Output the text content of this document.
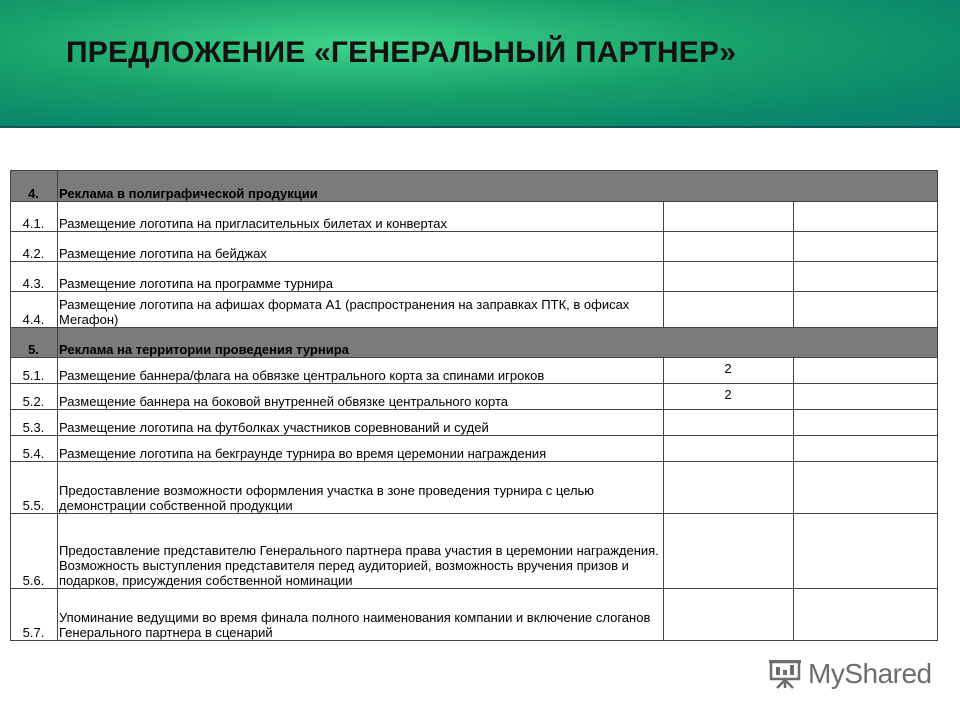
ПРЕДЛОЖЕНИЕ «ГЕНЕРАЛЬНЫЙ ПАРТНЕР»
4.	Реклама в полиграфической продукции		
4.1.	Размещение логотипа на пригласительных билетах и конвертах		
4.2.	Размещение логотипа на бейджах		
4.3.	Размещение логотипа на программе турнира		
4.4.	Размещение логотипа на афишах формата А1 (распространения на заправках ПТК, в офисах Мегафон)		
5.	Реклама на территории проведения турнира		
5.1.	Размещение баннера/флага на обвязке центрального корта за спинами игроков	2	
5.2.	Размещение баннера на боковой внутренней обвязке центрального корта	2	
5.3.	Размещение логотипа на футболках участников соревнований и судей		
5.4.	Размещение логотипа на бекграунде турнира во время церемонии награждения		
5.5.	Предоставление возможности оформления участка в зоне проведения турнира с целью демонстрации собственной продукции		
5.6.	Предоставление представителю Генерального партнера права участия в церемонии награждения. Возможность выступления представителя перед аудиторией, возможность вручения призов и подарков, присуждения собственной номинации		
5.7.	Упоминание ведущими во время финала полного наименования компании и включение слоганов Генерального партнера в сценарий		
MyShared
